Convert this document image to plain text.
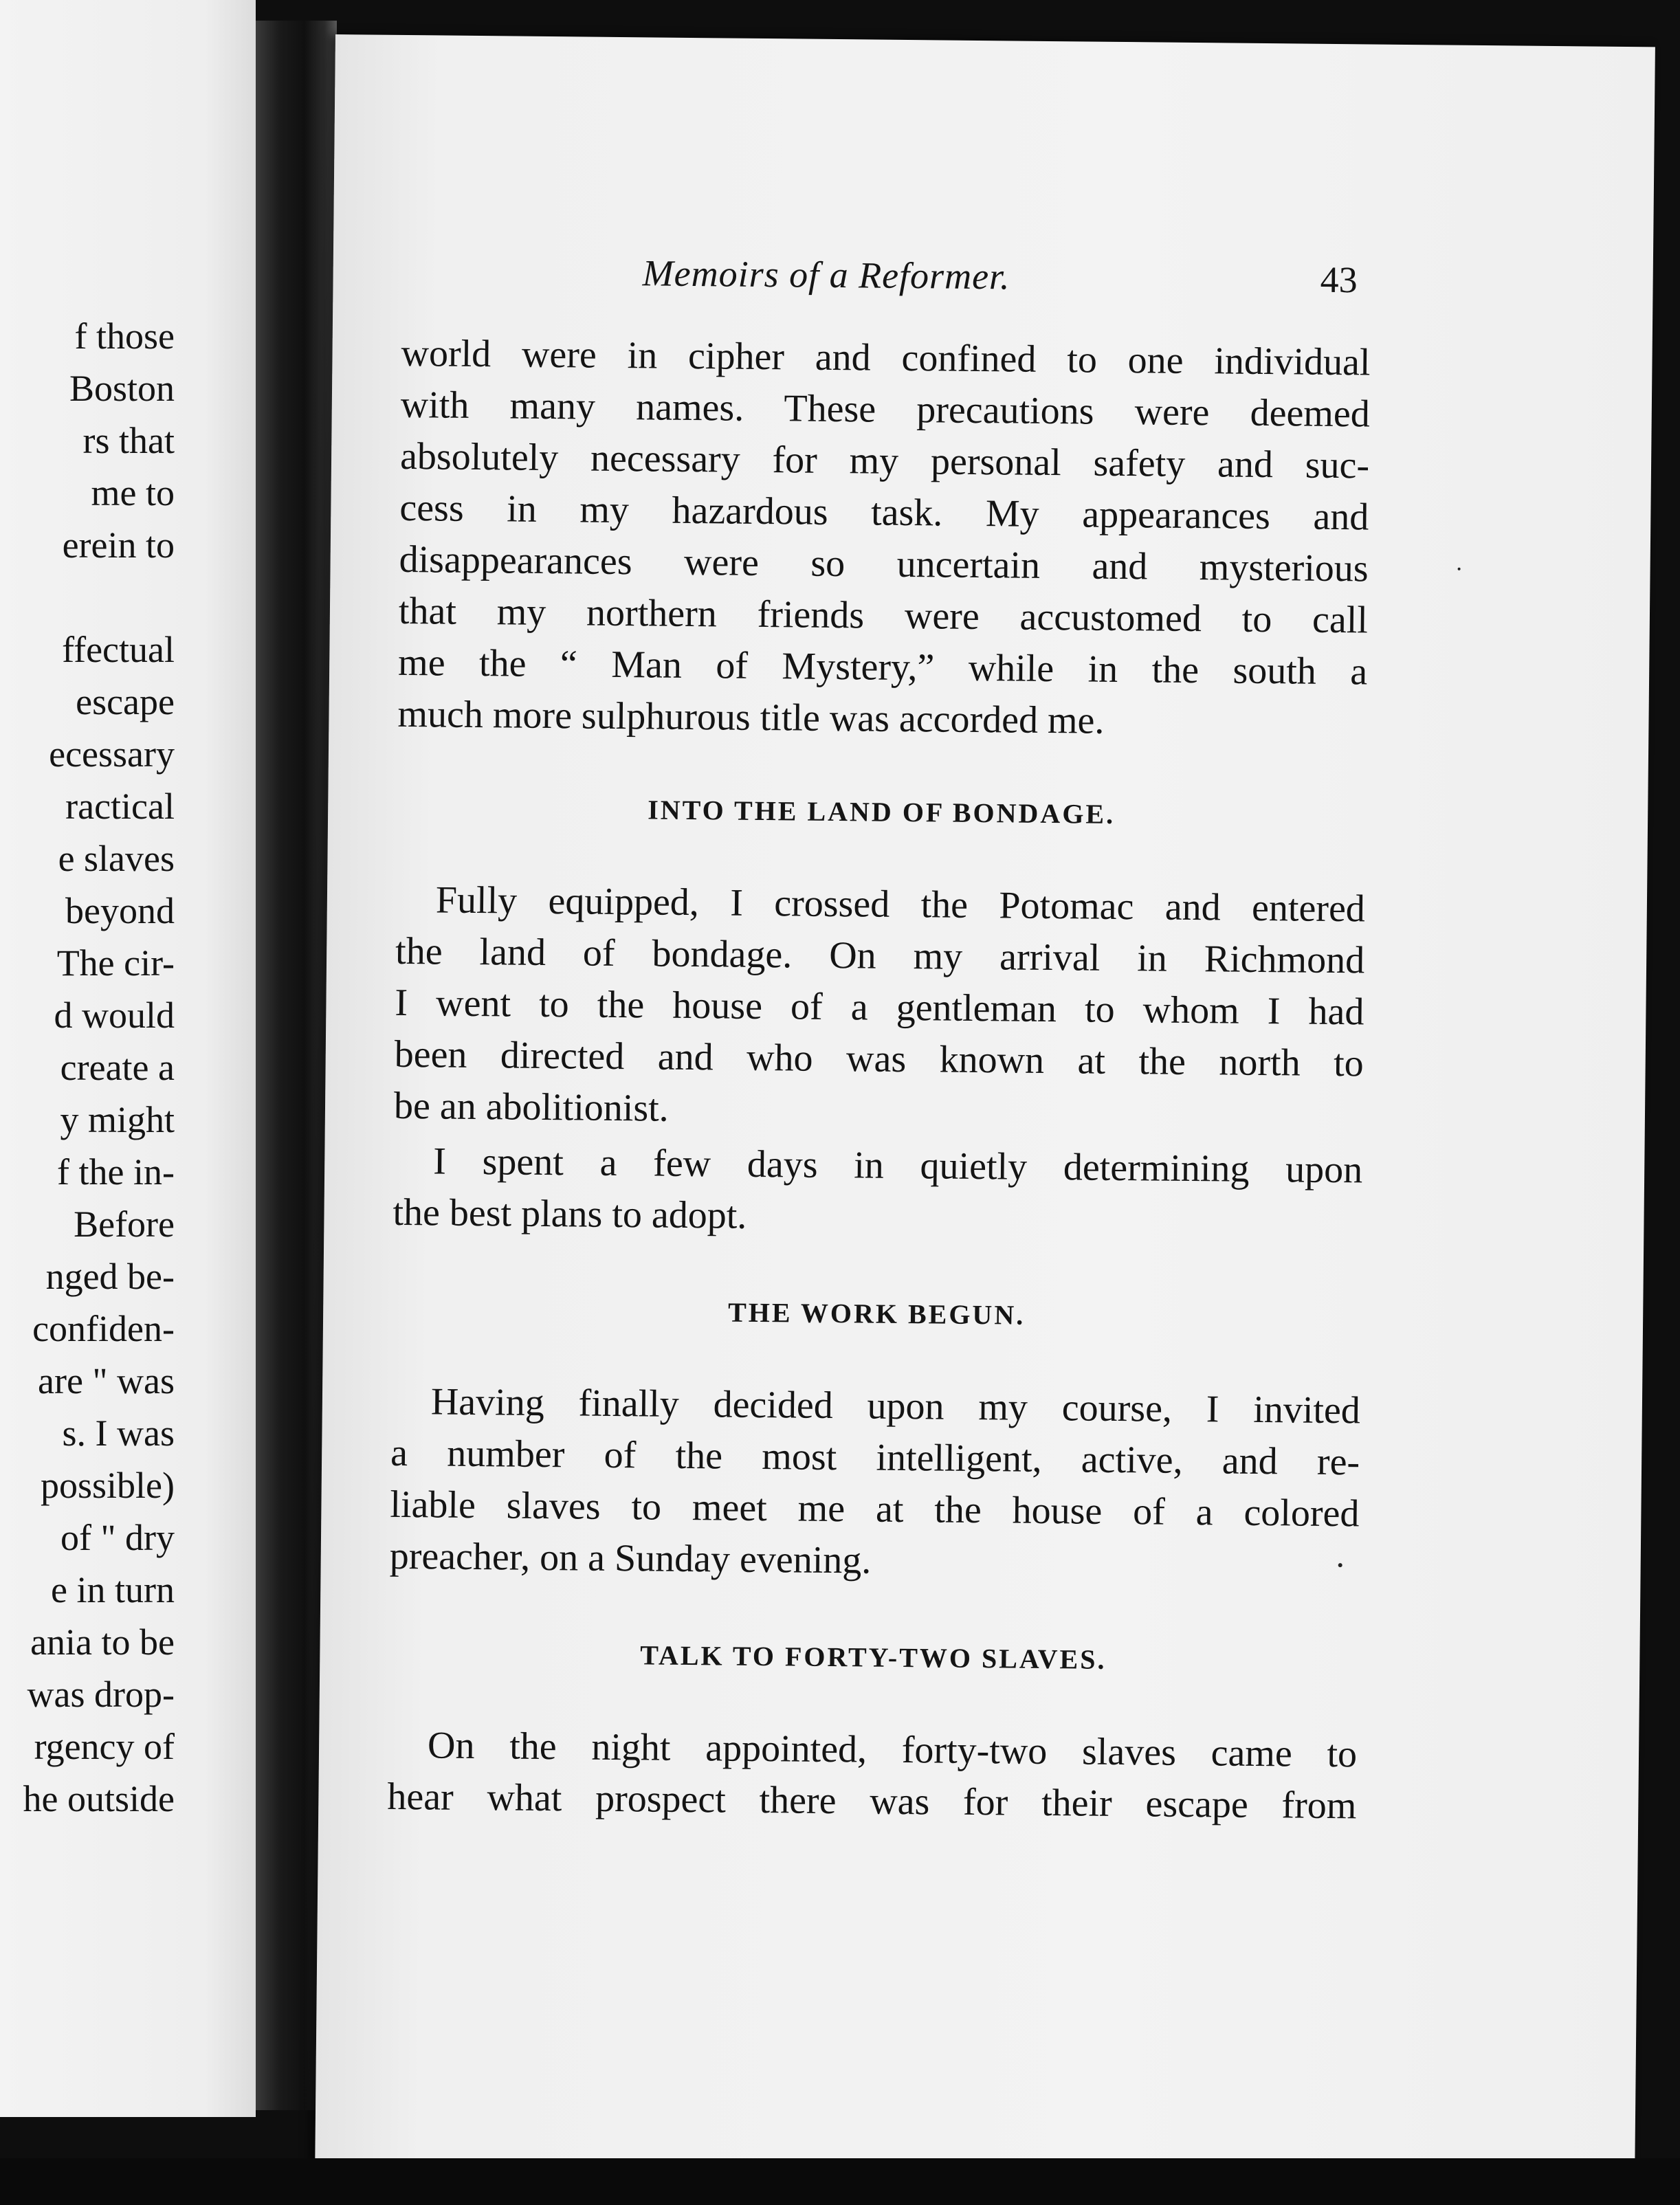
f those
Boston
rs that
me to
erein to
ffectual
escape
ecessary
ractical
e slaves
beyond
The cir-
d would
create a
y might
f the in-
Before
nged be-
confiden-
are " was
s. I was
possible)
of " dry
e in turn
ania to be
was drop-
rgency of
he outside
Memoirs of a Reformer.	43
world were in cipher and confined to one individual
with many names. These precautions were deemed
absolutely necessary for my personal safety and suc-
cess in my hazardous task. My appearances and
disappearances were so uncertain and mysterious
that my northern friends were accustomed to call
me the “ Man of Mystery,” while in the south a
much more sulphurous title was accorded me.
INTO THE LAND OF BONDAGE.
Fully equipped, I crossed the Potomac and entered
the land of bondage. On my arrival in Richmond
I went to the house of a gentleman to whom I had
been directed and who was known at the north to
be an abolitionist.
I spent a few days in quietly determining upon
the best plans to adopt.
THE WORK BEGUN.
Having finally decided upon my course, I invited
a number of the most intelligent, active, and re-
liable slaves to meet me at the house of a colored
preacher, on a Sunday evening.
TALK TO FORTY-TWO SLAVES.
On the night appointed, forty-two slaves came to
hear what prospect there was for their escape from
